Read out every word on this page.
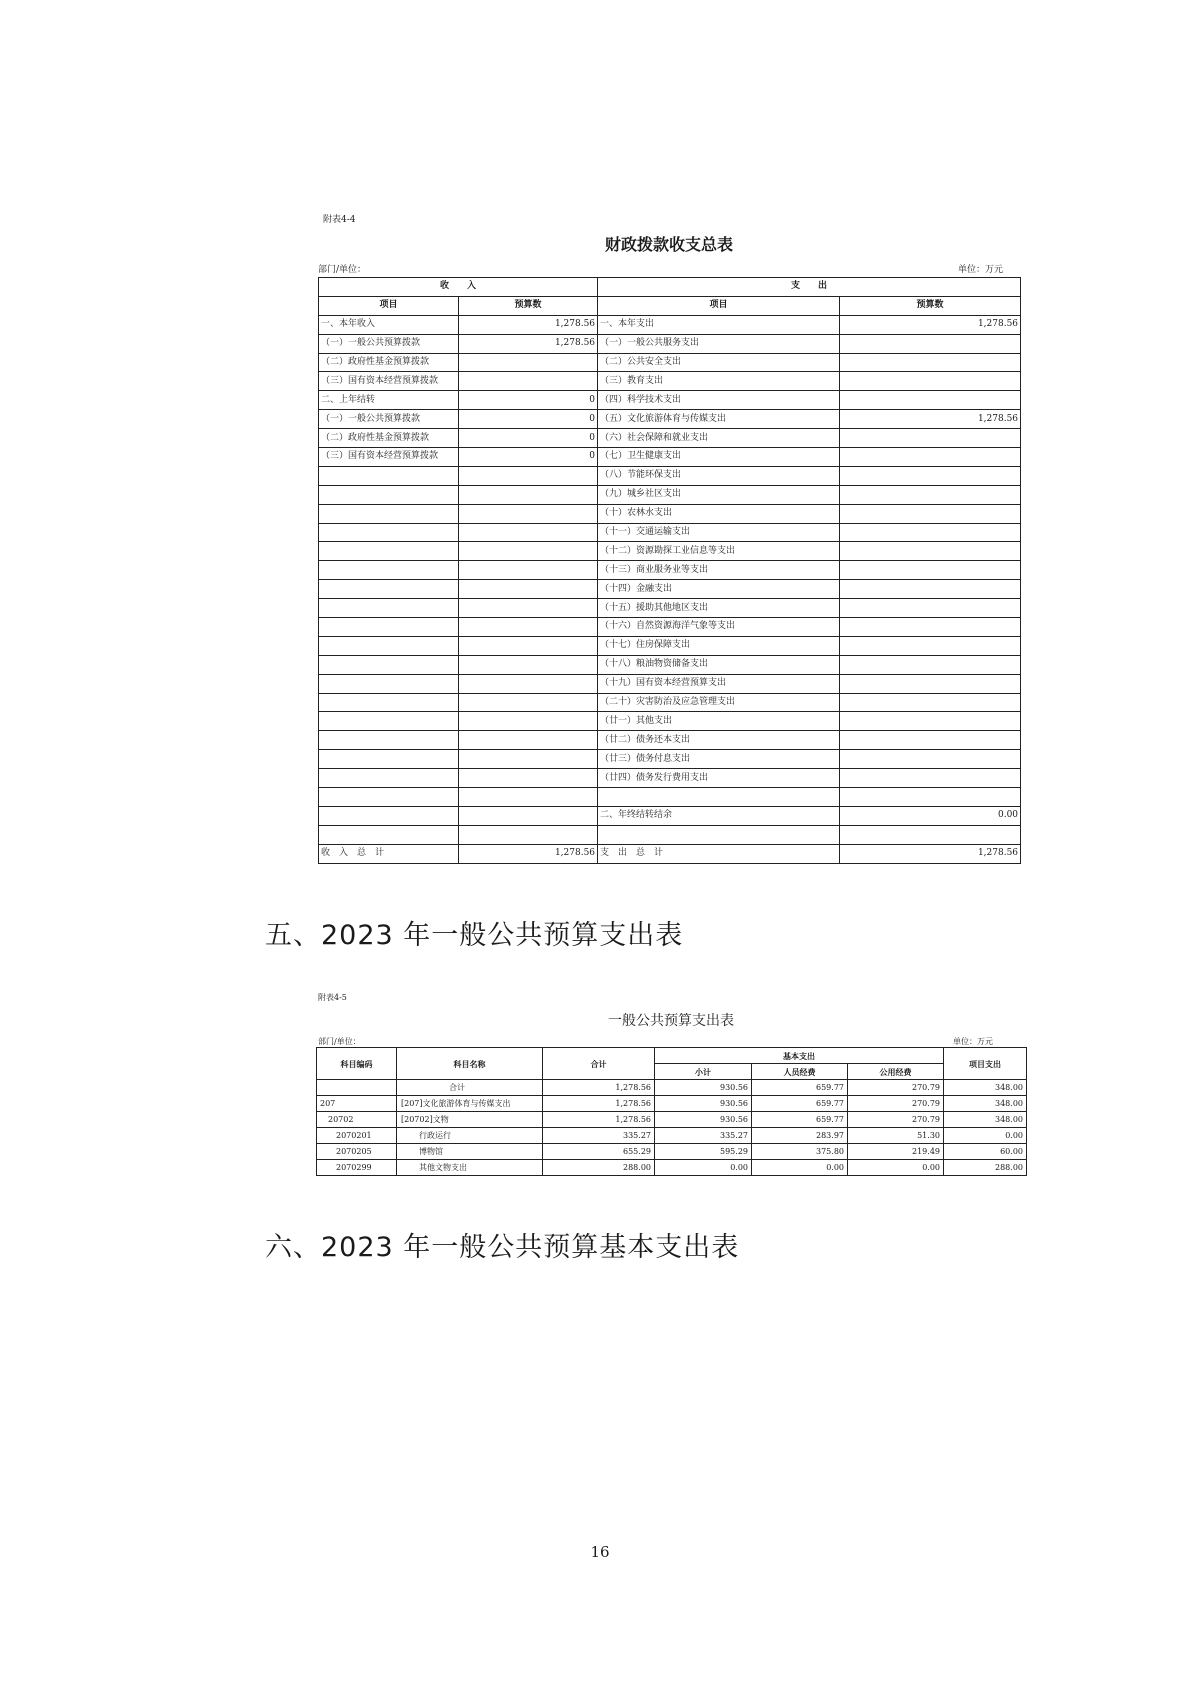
附表4-4
财政拨款收支总表
部门/单位：	单位：万元
收　　入		支　　出	
项目	预算数	项目	预算数
一、本年收入	1,278.56	一、本年支出	1,278.56
（一）一般公共预算拨款	1,278.56	（一）一般公共服务支出	
（二）政府性基金预算拨款		（二）公共安全支出	
（三）国有资本经营预算拨款		（三）教育支出	
二、上年结转	0	（四）科学技术支出	
（一）一般公共预算拨款	0	（五）文化旅游体育与传媒支出	1,278.56
（二）政府性基金预算拨款	0	（六）社会保障和就业支出	
（三）国有资本经营预算拨款	0	（七）卫生健康支出	
		（八）节能环保支出	
		（九）城乡社区支出	
		（十）农林水支出	
		（十一）交通运输支出	
		（十二）资源勘探工业信息等支出	
		（十三）商业服务业等支出	
		（十四）金融支出	
		（十五）援助其他地区支出	
		（十六）自然资源海洋气象等支出	
		（十七）住房保障支出	
		（十八）粮油物资储备支出	
		（十九）国有资本经营预算支出	
		（二十）灾害防治及应急管理支出	
		（廿一）其他支出	
		（廿二）债务还本支出	
		（廿三）债务付息支出	
		（廿四）债务发行费用支出	

		二、年终结转结余	0.00

收　入　总　计	1,278.56	支　出　总　计	1,278.56
五、2023 年一般公共预算支出表
附表4-5
一般公共预算支出表
部门/单位：	单位：万元
科目编码	科目名称	合计	基本支出			项目支出
			小计	人员经费	公用经费	
	合计	1,278.56	930.56	659.77	270.79	348.00
207	[207]文化旅游体育与传媒支出	1,278.56	930.56	659.77	270.79	348.00
20702	[20702]文物	1,278.56	930.56	659.77	270.79	348.00
2070201	行政运行	335.27	335.27	283.97	51.30	0.00
2070205	博物馆	655.29	595.29	375.80	219.49	60.00
2070299	其他文物支出	288.00	0.00	0.00	0.00	288.00
六、2023 年一般公共预算基本支出表
16
